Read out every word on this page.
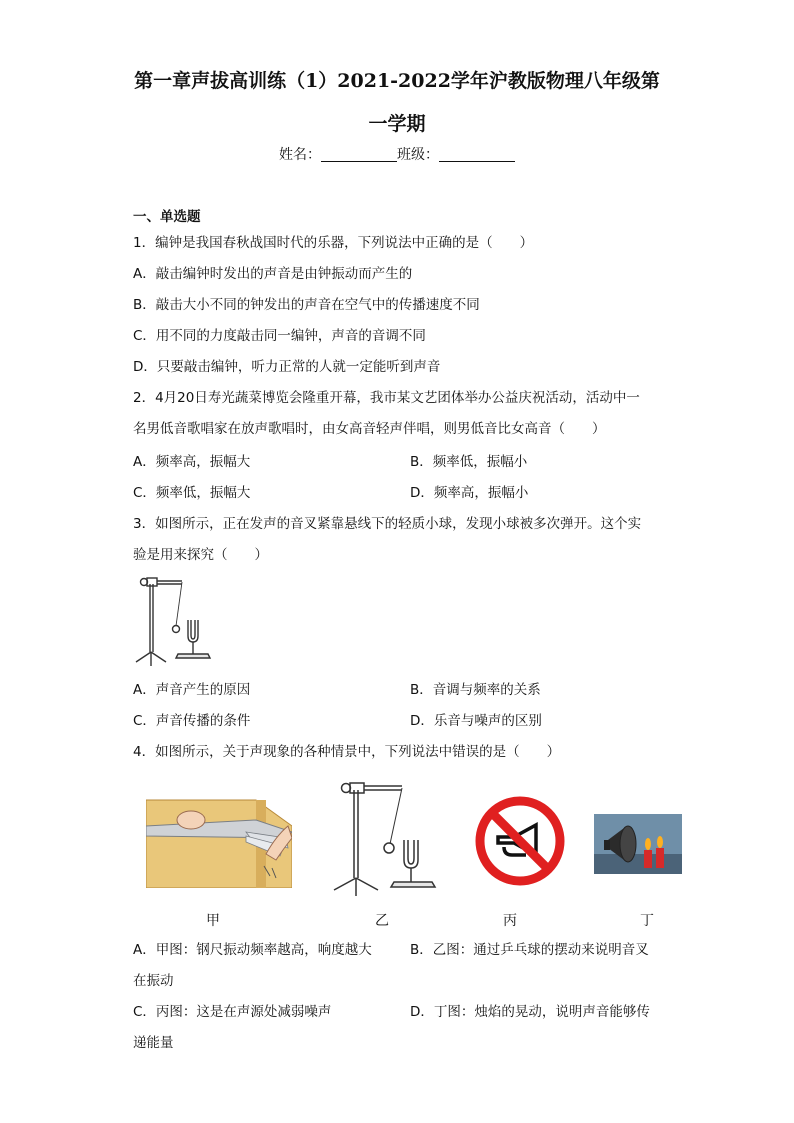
第一章声拔高训练（1）2021-2022学年沪教版物理八年级第
一学期
姓名：	班级：
一、单选题
1．编钟是我国春秋战国时代的乐器，下列说法中正确的是（　　）
A．敲击编钟时发出的声音是由钟振动而产生的
B．敲击大小不同的钟发出的声音在空气中的传播速度不同
C．用不同的力度敲击同一编钟，声音的音调不同
D．只要敲击编钟，听力正常的人就一定能听到声音
2．4月20日寿光蔬菜博览会隆重开幕，我市某文艺团体举办公益庆祝活动，活动中一
名男低音歌唱家在放声歌唱时，由女高音轻声伴唱，则男低音比女高音（　　）
A．频率高，振幅大	B．频率低，振幅小
C．频率低，振幅大	D．频率高，振幅小
3．如图所示，正在发声的音叉紧靠悬线下的轻质小球，发现小球被多次弹开。这个实
验是用来探究（　　）
A．声音产生的原因	B．音调与频率的关系
C．声音传播的条件	D．乐音与噪声的区别
4．如图所示，关于声现象的各种情景中，下列说法中错误的是（　　）
甲	乙	丙	丁
A．甲图：钢尺振动频率越高，响度越大	B．乙图：通过乒乓球的摆动来说明音叉
在振动
C．丙图：这是在声源处减弱噪声	D．丁图：烛焰的晃动，说明声音能够传
递能量
